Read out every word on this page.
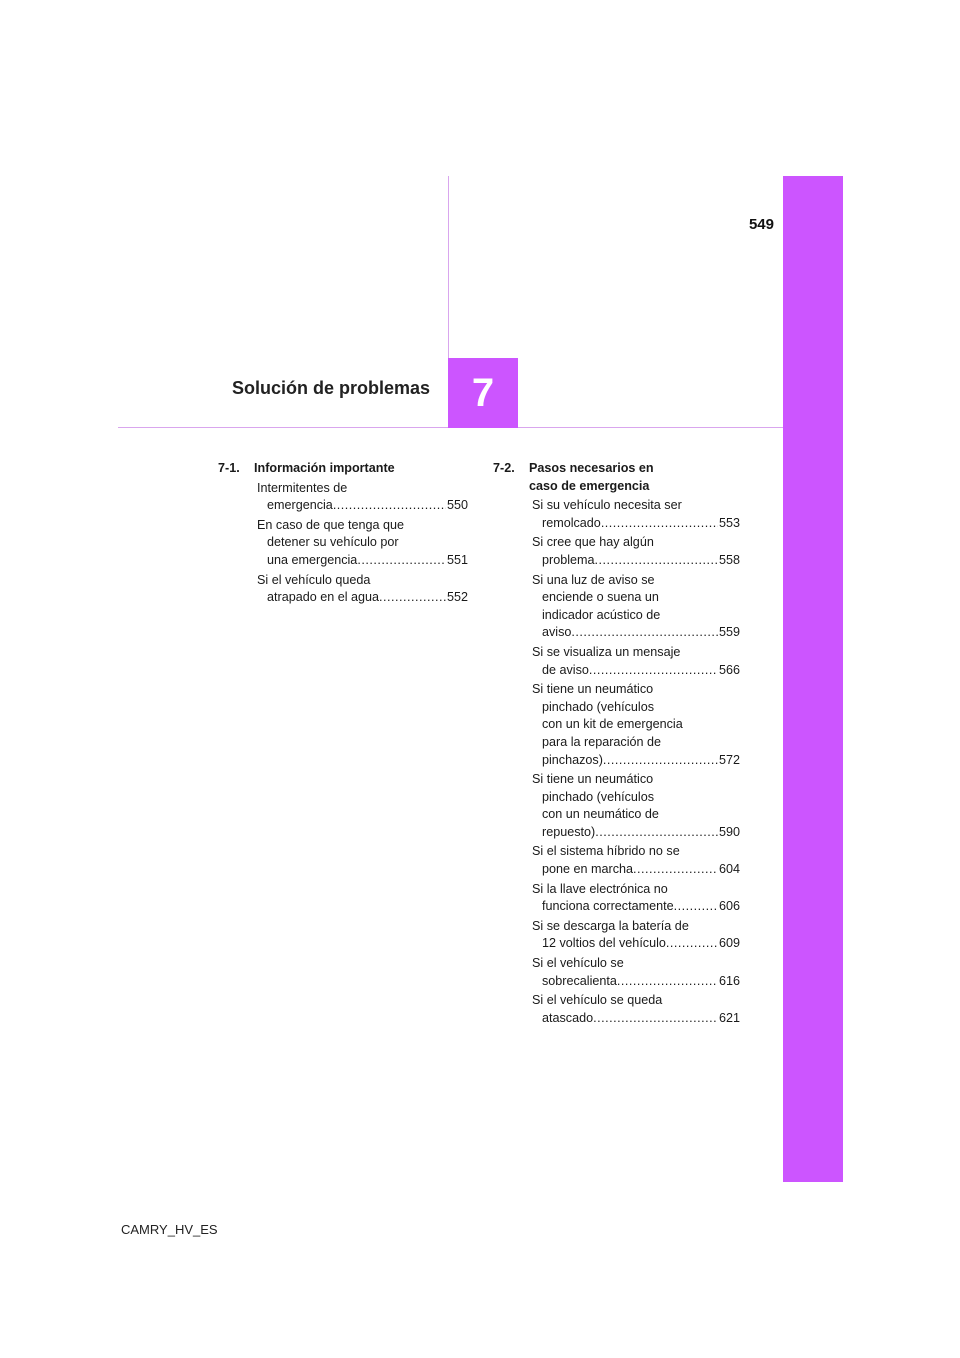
549
7
Solución de problemas
7-1. Información importante
Intermitentes de
emergencia .....	550
En caso de que tenga que
detener su vehículo por
una emergencia .....	551
Si el vehículo queda
atrapado en el agua .....	552
7-2. Pasos necesarios en
caso de emergencia
Si su vehículo necesita ser
remolcado .....	553
Si cree que hay algún
problema .....	558
Si una luz de aviso se
enciende o suena un
indicador acústico de
aviso .....	559
Si se visualiza un mensaje
de aviso .....	566
Si tiene un neumático
pinchado (vehículos
con un kit de emergencia
para la reparación de
pinchazos) .....	572
Si tiene un neumático
pinchado (vehículos
con un neumático de
repuesto) .....	590
Si el sistema híbrido no se
pone en marcha .....	604
Si la llave electrónica no
funciona correctamente .....	606
Si se descarga la batería de
12 voltios del vehículo .....	609
Si el vehículo se
sobrecalienta .....	616
Si el vehículo se queda
atascado .....	621
CAMRY_HV_ES
